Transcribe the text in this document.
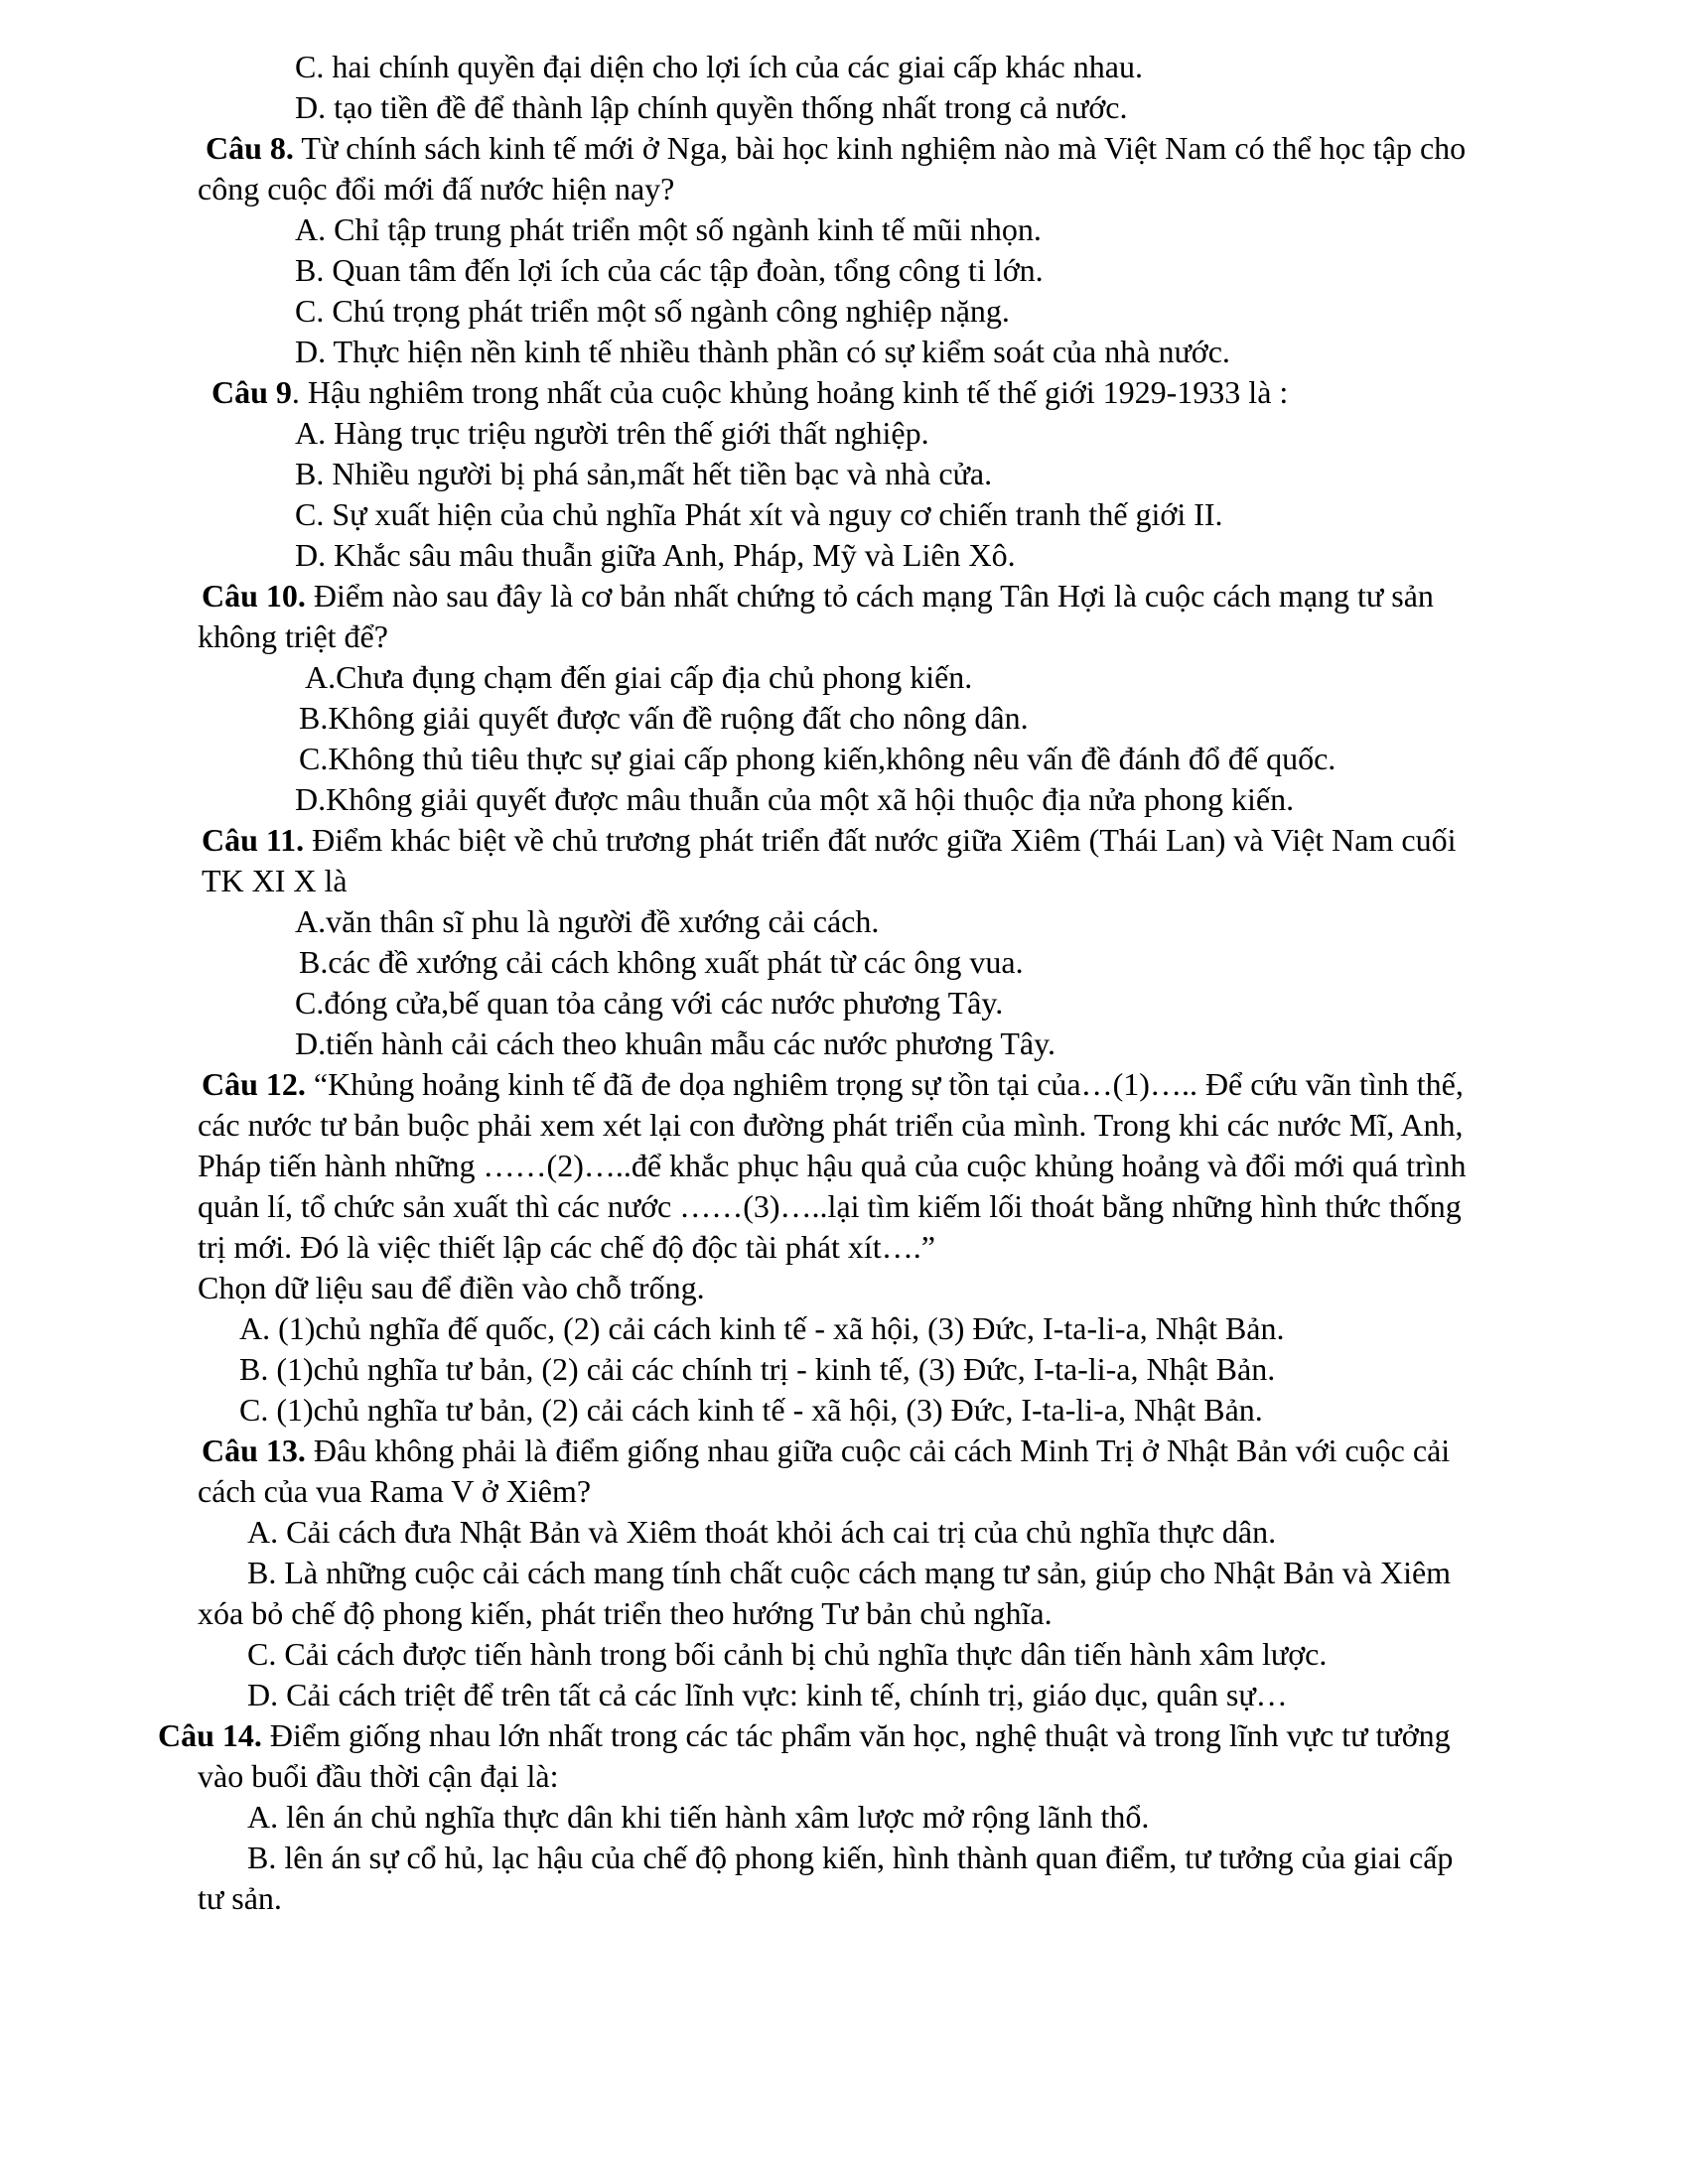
C. hai chính quyền đại diện cho lợi ích của các giai cấp khác nhau.
D. tạo tiền đề để thành lập chính quyền thống nhất trong cả nước.
Câu 8. Từ chính sách kinh tế mới ở Nga, bài học kinh nghiệm nào mà Việt Nam có thể học tập cho
công cuộc đổi mới đấ nước hiện nay?
A. Chỉ tập trung phát triển một số ngành kinh tế mũi nhọn.
B. Quan tâm đến lợi ích của các tập đoàn, tổng công ti lớn.
C. Chú trọng phát triển một số ngành công nghiệp nặng.
D. Thực hiện nền kinh tế nhiều thành phần có sự kiểm soát của nhà nước.
Câu 9. Hậu nghiêm trong nhất của cuộc khủng hoảng kinh tế thế giới 1929-1933 là :
A. Hàng trục triệu người trên thế giới thất nghiệp.
B. Nhiều người bị phá sản,mất hết tiền bạc và nhà cửa.
C. Sự xuất hiện của chủ nghĩa Phát xít và nguy cơ chiến tranh thế giới II.
D. Khắc sâu mâu thuẫn giữa Anh, Pháp, Mỹ và Liên Xô.
Câu 10. Điểm nào sau đây là cơ bản nhất chứng tỏ cách mạng Tân Hợi là cuộc cách mạng tư sản
không triệt để?
A.Chưa đụng chạm đến giai cấp địa chủ phong kiến.
B.Không giải quyết được vấn đề ruộng đất cho nông dân.
C.Không thủ tiêu thực sự giai cấp phong kiến,không nêu vấn đề đánh đổ đế quốc.
D.Không giải quyết được mâu thuẫn của một xã hội thuộc địa nửa phong kiến.
Câu 11. Điểm khác biệt về chủ trương phát triển đất nước giữa Xiêm (Thái Lan) và Việt Nam cuối
TK XI X là
A.văn thân sĩ phu là người đề xướng cải cách.
B.các đề xướng cải cách không xuất phát từ các ông vua.
C.đóng cửa,bế quan tỏa cảng với các nước phương Tây.
D.tiến hành cải cách theo khuân mẫu các nước phương Tây.
Câu 12. “Khủng hoảng kinh tế đã đe dọa nghiêm trọng sự tồn tại của…(1)….. Để cứu vãn tình thế,
các nước tư bản buộc phải xem xét lại con đường phát triển của mình. Trong khi các nước Mĩ, Anh,
Pháp tiến hành những ……(2)…..để khắc phục hậu quả của cuộc khủng hoảng và đổi mới quá trình
quản lí, tổ chức sản xuất thì các nước ……(3)…..lại tìm kiếm lối thoát bằng những hình thức thống
trị mới. Đó là việc thiết lập các chế độ độc tài phát xít….”
Chọn dữ liệu sau để điền vào chỗ trống.
A. (1)chủ nghĩa đế quốc, (2) cải cách kinh tế - xã hội, (3) Đức, I-ta-li-a, Nhật Bản.
B. (1)chủ nghĩa tư bản, (2) cải các chính trị - kinh tế, (3) Đức, I-ta-li-a, Nhật Bản.
C. (1)chủ nghĩa tư bản, (2) cải cách kinh tế - xã hội, (3) Đức, I-ta-li-a, Nhật Bản.
Câu 13. Đâu không phải là điểm giống nhau giữa cuộc cải cách Minh Trị ở Nhật Bản với cuộc cải
cách của vua Rama V ở Xiêm?
A. Cải cách đưa Nhật Bản và Xiêm thoát khỏi ách cai trị của chủ nghĩa thực dân.
B. Là những cuộc cải cách mang tính chất cuộc cách mạng tư sản, giúp cho Nhật Bản và Xiêm
xóa bỏ chế độ phong kiến, phát triển theo hướng Tư bản chủ nghĩa.
C. Cải cách được tiến hành trong bối cảnh bị chủ nghĩa thực dân tiến hành xâm lược.
D. Cải cách triệt để trên tất cả các lĩnh vực: kinh tế, chính trị, giáo dục, quân sự…
Câu 14. Điểm giống nhau lớn nhất trong các tác phẩm văn học, nghệ thuật và trong lĩnh vực tư tưởng
vào buổi đầu thời cận đại là:
A. lên án chủ nghĩa thực dân khi tiến hành xâm lược mở rộng lãnh thổ.
B. lên án sự cổ hủ, lạc hậu của chế độ phong kiến, hình thành quan điểm, tư tưởng của giai cấp
tư sản.
